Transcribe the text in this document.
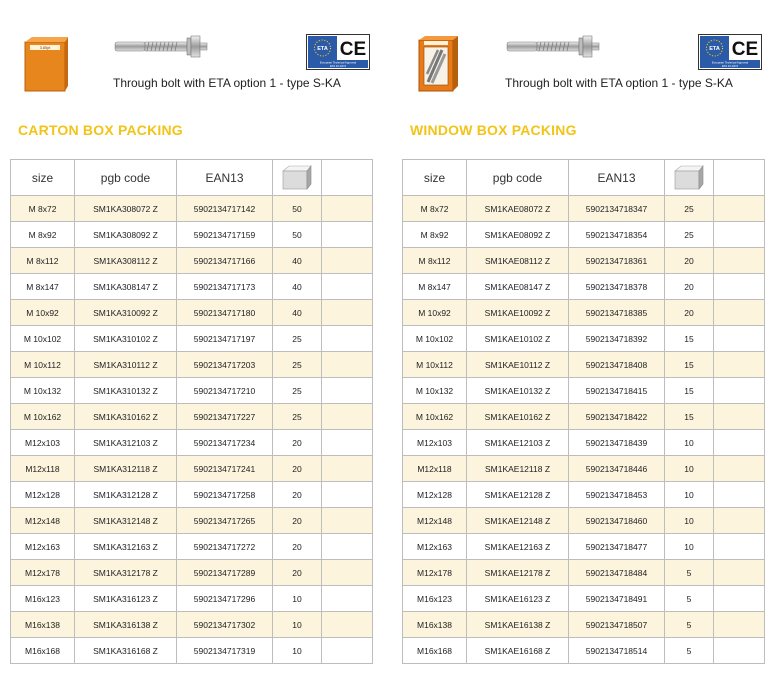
3.85pt	ETA CE
European Technical Approval
ETA 10-0472
Through bolt with ETA option 1 - type S-KA
CARTON BOX PACKING
size	pgb code	EAN13		
M 8x72	SM1KA308072 Z	5902134717142	50	
M 8x92	SM1KA308092 Z	5902134717159	50	
M 8x112	SM1KA308112 Z	5902134717166	40	
M 8x147	SM1KA308147 Z	5902134717173	40	
M 10x92	SM1KA310092 Z	5902134717180	40	
M 10x102	SM1KA310102 Z	5902134717197	25	
M 10x112	SM1KA310112 Z	5902134717203	25	
M 10x132	SM1KA310132 Z	5902134717210	25	
M 10x162	SM1KA310162 Z	5902134717227	25	
M12x103	SM1KA312103 Z	5902134717234	20	
M12x118	SM1KA312118 Z	5902134717241	20	
M12x128	SM1KA312128 Z	5902134717258	20	
M12x148	SM1KA312148 Z	5902134717265	20	
M12x163	SM1KA312163 Z	5902134717272	20	
M12x178	SM1KA312178 Z	5902134717289	20	
M16x123	SM1KA316123 Z	5902134717296	10	
M16x138	SM1KA316138 Z	5902134717302	10	
M16x168	SM1KA316168 Z	5902134717319	10	
ETA CE
European Technical Approval
ETA 10-0472
Through bolt with ETA option 1 - type S-KA
WINDOW BOX PACKING
size	pgb code	EAN13		
M 8x72	SM1KAE08072 Z	5902134718347	25	
M 8x92	SM1KAE08092 Z	5902134718354	25	
M 8x112	SM1KAE08112 Z	5902134718361	20	
M 8x147	SM1KAE08147 Z	5902134718378	20	
M 10x92	SM1KAE10092 Z	5902134718385	20	
M 10x102	SM1KAE10102 Z	5902134718392	15	
M 10x112	SM1KAE10112 Z	5902134718408	15	
M 10x132	SM1KAE10132 Z	5902134718415	15	
M 10x162	SM1KAE10162 Z	5902134718422	15	
M12x103	SM1KAE12103 Z	5902134718439	10	
M12x118	SM1KAE12118 Z	5902134718446	10	
M12x128	SM1KAE12128 Z	5902134718453	10	
M12x148	SM1KAE12148 Z	5902134718460	10	
M12x163	SM1KAE12163 Z	5902134718477	10	
M12x178	SM1KAE12178 Z	5902134718484	5	
M16x123	SM1KAE16123 Z	5902134718491	5	
M16x138	SM1KAE16138 Z	5902134718507	5	
M16x168	SM1KAE16168 Z	5902134718514	5	
